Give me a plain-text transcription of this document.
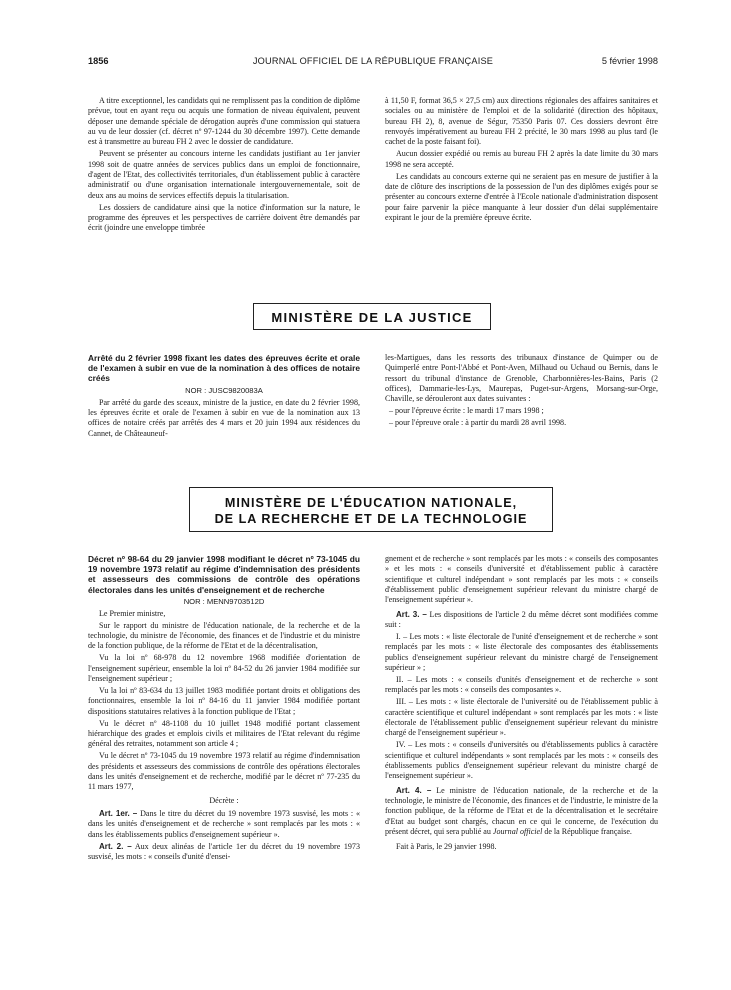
1856	JOURNAL OFFICIEL DE LA RÉPUBLIQUE FRANÇAISE	5 février 1998

A titre exceptionnel, les candidats qui ne remplissent pas la condition de diplôme prévue, tout en ayant reçu ou acquis une formation de niveau équivalent, peuvent déposer une demande spéciale de dérogation auprès d'une commission qui statuera au vu de leur dossier (cf. décret nº 97-1244 du 30 décembre 1997). Cette demande est à transmettre au bureau FH 2 avec le dossier de candidature.

Peuvent se présenter au concours interne les candidats justifiant au 1er janvier 1998 soit de quatre années de services publics dans un emploi de fonctionnaire, d'agent de l'Etat, des collectivités territoriales, d'un établissement public à caractère administratif ou d'une organisation internationale intergouvernementale, soit de deux ans au moins de services effectifs depuis la titularisation.

Les dossiers de candidature ainsi que la notice d'information sur la nature, le programme des épreuves et les perspectives de carrière doivent être demandés par écrit (joindre une enveloppe timbrée

à 11,50 F, format 36,5 × 27,5 cm) aux directions régionales des affaires sanitaires et sociales ou au ministère de l'emploi et de la solidarité (direction des hôpitaux, bureau FH 2), 8, avenue de Ségur, 75350 Paris 07. Ces dossiers devront être renvoyés impérativement au bureau FH 2 précité, le 30 mars 1998 au plus tard (le cachet de la poste faisant foi).

Aucun dossier expédié ou remis au bureau FH 2 après la date limite du 30 mars 1998 ne sera accepté.

Les candidats au concours externe qui ne seraient pas en mesure de justifier à la date de clôture des inscriptions de la possession de l'un des diplômes exigés pour se présenter au concours externe d'entrée à l'Ecole nationale d'administration disposent pour faire parvenir la pièce manquante à leur dossier d'un délai supplémentaire expirant le jour de la première épreuve écrite.

MINISTÈRE DE LA JUSTICE

Arrêté du 2 février 1998 fixant les dates des épreuves écrite et orale de l'examen à subir en vue de la nomination à des offices de notaire créés

NOR : JUSC9820083A

Par arrêté du garde des sceaux, ministre de la justice, en date du 2 février 1998, les épreuves écrite et orale de l'examen à subir en vue de la nomination aux 13 offices de notaire créés par arrêtés des 4 mars et 20 juin 1994 aux résidences du Cannet, de Châteauneuf-

les-Martigues, dans les ressorts des tribunaux d'instance de Quimper ou de Quimperlé entre Pont-l'Abbé et Pont-Aven, Milhaud ou Uchaud ou Bernis, dans le ressort du tribunal d'instance de Grenoble, Charbonnières-les-Bains, Paris (2 offices), Dammarie-les-Lys, Maurepas, Puget-sur-Argens, Morsang-sur-Orge, Chaville, se dérouleront aux dates suivantes :

– pour l'épreuve écrite : le mardi 17 mars 1998 ;

– pour l'épreuve orale : à partir du mardi 28 avril 1998.

MINISTÈRE DE L'ÉDUCATION NATIONALE,
DE LA RECHERCHE ET DE LA TECHNOLOGIE

Décret nº 98-64 du 29 janvier 1998 modifiant le décret nº 73-1045 du 19 novembre 1973 relatif au régime d'indemnisation des présidents et assesseurs des commissions de contrôle des opérations électorales dans les unités d'enseignement et de recherche

NOR : MENN9703512D

Le Premier ministre,

Sur le rapport du ministre de l'éducation nationale, de la recherche et de la technologie, du ministre de l'économie, des finances et de l'industrie et du ministre de la fonction publique, de la réforme de l'Etat et de la décentralisation,

Vu la loi nº 68-978 du 12 novembre 1968 modifiée d'orientation de l'enseignement supérieur, ensemble la loi nº 84-52 du 26 janvier 1984 modifiée sur l'enseignement supérieur ;

Vu la loi nº 83-634 du 13 juillet 1983 modifiée portant droits et obligations des fonctionnaires, ensemble la loi nº 84-16 du 11 janvier 1984 modifiée portant dispositions statutaires relatives à la fonction publique de l'Etat ;

Vu le décret nº 48-1108 du 10 juillet 1948 modifié portant classement hiérarchique des grades et emplois civils et militaires de l'Etat relevant du régime général des retraites, notamment son article 4 ;

Vu le décret nº 73-1045 du 19 novembre 1973 relatif au régime d'indemnisation des présidents et assesseurs des commissions de contrôle des opérations électorales dans les unités d'enseignement et de recherche, modifié par le décret nº 77-235 du 11 mars 1977,

Décrète :

Art. 1er. – Dans le titre du décret du 19 novembre 1973 susvisé, les mots : « dans les unités d'enseignement et de recherche » sont remplacés par les mots : « dans les établissements publics d'enseignement supérieur ».

Art. 2. – Aux deux alinéas de l'article 1er du décret du 19 novembre 1973 susvisé, les mots : « conseils d'unité d'ensei-

gnement et de recherche » sont remplacés par les mots : « conseils des composantes » et les mots : « conseils d'université et d'établissement public à caractère scientifique et culturel indépendant » sont remplacés par les mots : « conseils d'établissement public d'enseignement supérieur relevant du ministre chargé de l'enseignement supérieur ».

Art. 3. – Les dispositions de l'article 2 du même décret sont modifiées comme suit :

I. – Les mots : « liste électorale de l'unité d'enseignement et de recherche » sont remplacés par les mots : « liste électorale des composantes des établissements publics d'enseignement supérieur relevant du ministre chargé de l'enseignement supérieur » ;

II. – Les mots : « conseils d'unités d'enseignement et de recherche » sont remplacés par les mots : « conseils des composantes ».

III. – Les mots : « liste électorale de l'université ou de l'établissement public à caractère scientifique et culturel indépendant » sont remplacés par les mots : « liste électorale de l'établissement public d'enseignement supérieur relevant du ministre chargé de l'enseignement supérieur ».

IV. – Les mots : « conseils d'universités ou d'établissements publics à caractère scientifique et culturel indépendants » sont remplacés par les mots : « conseils des établissements publics d'enseignement supérieur relevant du ministre chargé de l'enseignement supérieur ».

Art. 4. – Le ministre de l'éducation nationale, de la recherche et de la technologie, le ministre de l'économie, des finances et de l'industrie, le ministre de la fonction publique, de la réforme de l'Etat et de la décentralisation et le secrétaire d'Etat au budget sont chargés, chacun en ce qui le concerne, de l'exécution du présent décret, qui sera publié au Journal officiel de la République française.

Fait à Paris, le 29 janvier 1998.
